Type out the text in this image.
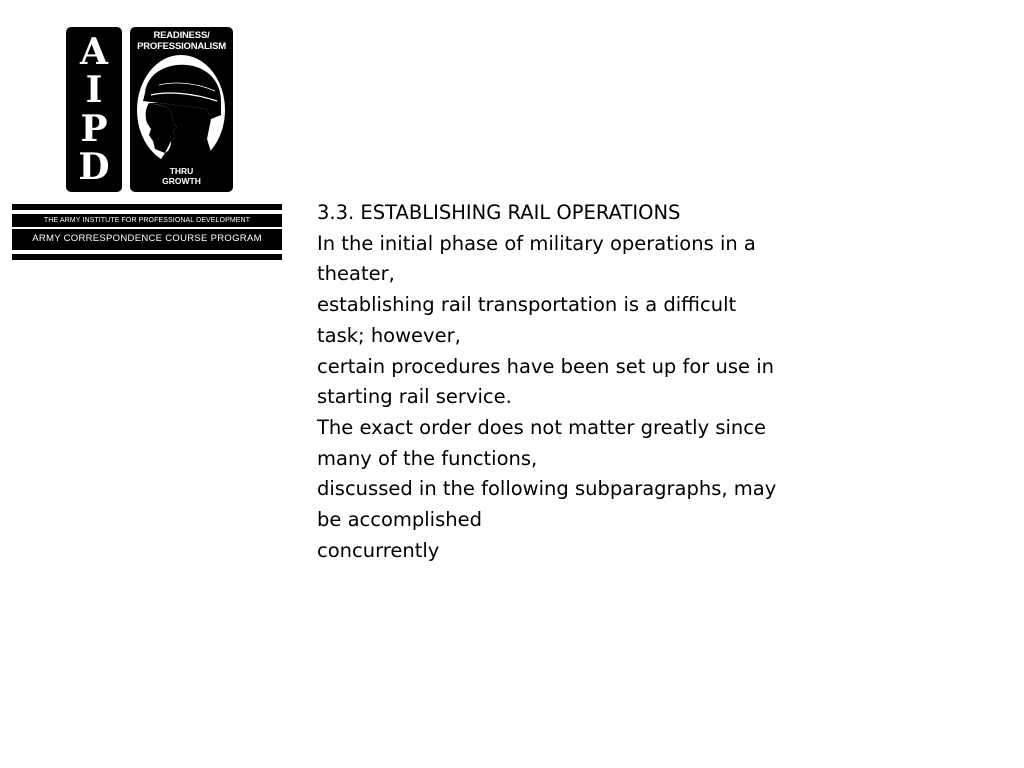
A
I
P
D
READINESS/
PROFESSIONALISM
THRU
GROWTH
THE ARMY INSTITUTE FOR PROFESSIONAL DEVELOPMENT
ARMY CORRESPONDENCE COURSE PROGRAM
3.3. ESTABLISHING RAIL OPERATIONS
In the initial phase of military operations in a
theater,
establishing rail transportation is a difficult
task; however,
certain procedures have been set up for use in
starting rail service.
The exact order does not matter greatly since
many of the functions,
discussed in the following subparagraphs, may
be accomplished
concurrently
